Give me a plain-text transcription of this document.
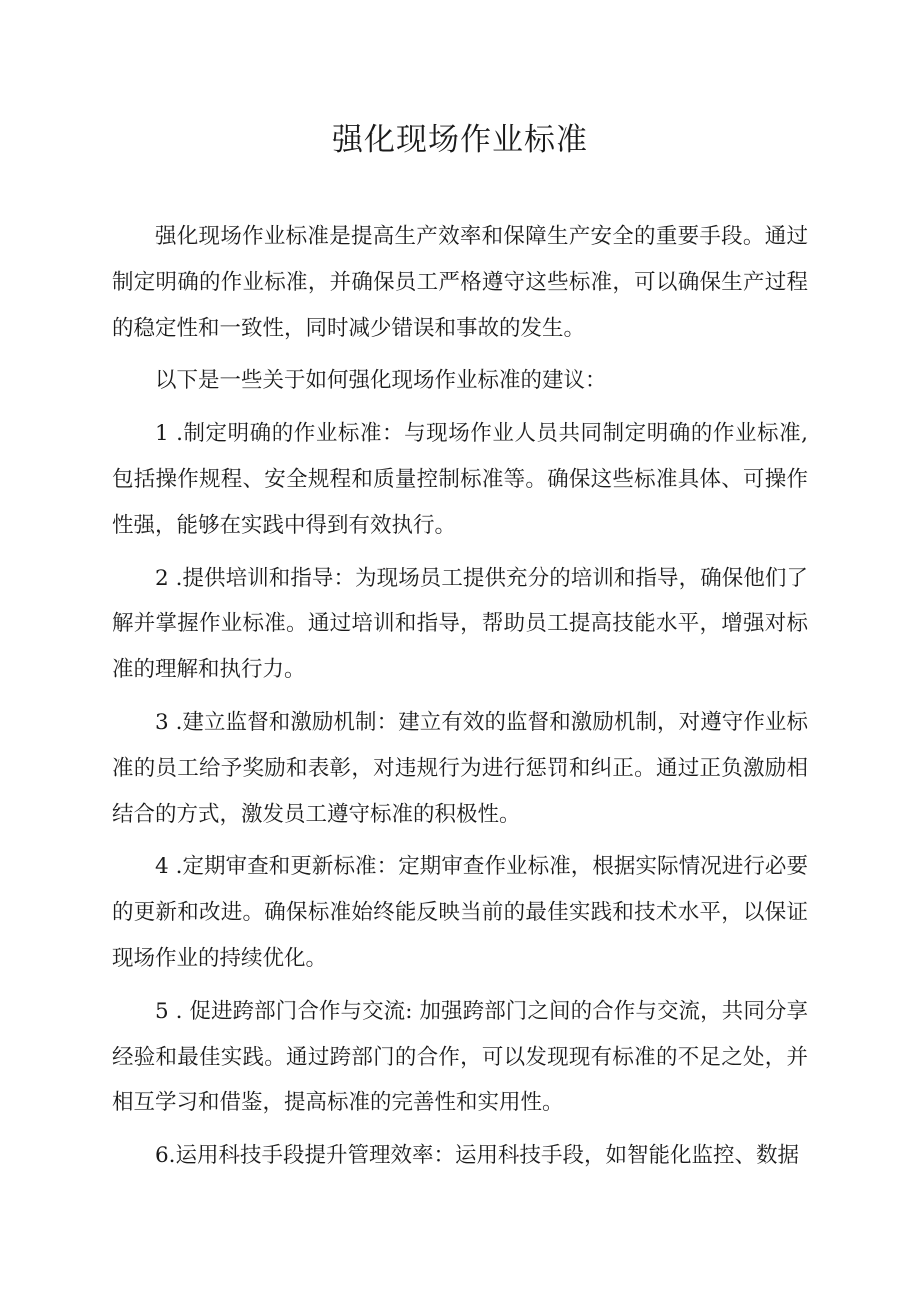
强化现场作业标准

强化现场作业标准是提高生产效率和保障生产安全的重要手段。通过制定明确的作业标准，并确保员工严格遵守这些标准，可以确保生产过程的稳定性和一致性，同时减少错误和事故的发生。

以下是一些关于如何强化现场作业标准的建议：

1 .制定明确的作业标准：与现场作业人员共同制定明确的作业标准,包括操作规程、安全规程和质量控制标准等。确保这些标准具体、可操作性强，能够在实践中得到有效执行。

2 .提供培训和指导：为现场员工提供充分的培训和指导，确保他们了解并掌握作业标准。通过培训和指导，帮助员工提高技能水平，增强对标准的理解和执行力。

3 .建立监督和激励机制：建立有效的监督和激励机制，对遵守作业标准的员工给予奖励和表彰，对违规行为进行惩罚和纠正。通过正负激励相结合的方式，激发员工遵守标准的积极性。

4 .定期审查和更新标准：定期审查作业标准，根据实际情况进行必要的更新和改进。确保标准始终能反映当前的最佳实践和技术水平，以保证现场作业的持续优化。

5 . 促进跨部门合作与交流: 加强跨部门之间的合作与交流，共同分享经验和最佳实践。通过跨部门的合作，可以发现现有标准的不足之处，并相互学习和借鉴，提高标准的完善性和实用性。

6.运用科技手段提升管理效率：运用科技手段，如智能化监控、数据
